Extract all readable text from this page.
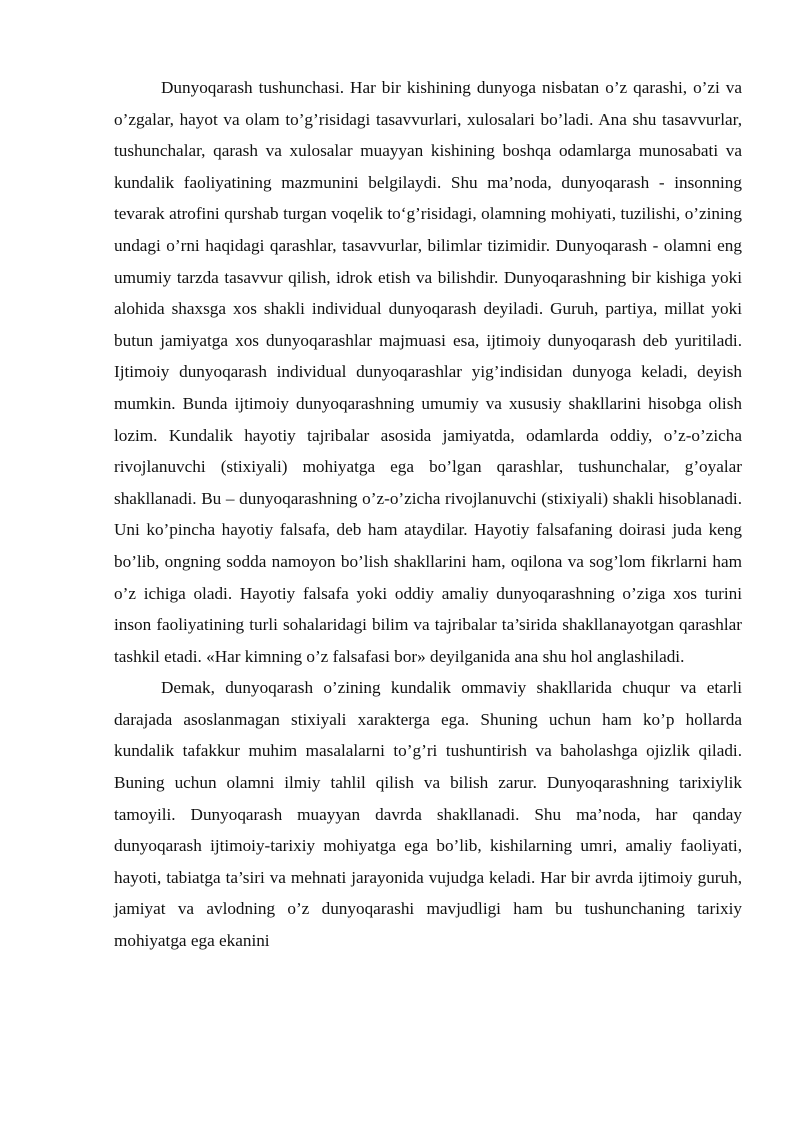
Dunyoqarash tushunchasi. Har bir kishining dunyoga nisbatan o’z qarashi, o’zi va o’zgalar, hayot va olam to’g’risidagi tasavvurlari, xulosalari bo’ladi. Ana shu tasavvurlar, tushunchalar, qarash va xulosalar muayyan kishining boshqa odamlarga munosabati va kundalik faoliyatining mazmunini belgilaydi. Shu ma’noda, dunyoqarash - insonning tevarak atrofini qurshab turgan voqelik to‘g’risidagi, olamning mohiyati, tuzilishi, o’zining undagi o’rni haqidagi qarashlar, tasavvurlar, bilimlar tizimidir. Dunyoqarash - olamni eng umumiy tarzda tasavvur qilish, idrok etish va bilishdir. Dunyoqarashning bir kishiga yoki alohida shaxsga xos shakli individual dunyoqarash deyiladi. Guruh, partiya, millat yoki butun jamiyatga xos dunyoqarashlar majmuasi esa, ijtimoiy dunyoqarash deb yuritiladi. Ijtimoiy dunyoqarash individual dunyoqarashlar yig’indisidan dunyoga keladi, deyish mumkin. Bunda ijtimoiy dunyoqarashning umumiy va xususiy shakllarini hisobga olish lozim. Kundalik hayotiy tajribalar asosida jamiyatda, odamlarda oddiy, o’z-o’zicha rivojlanuvchi (stixiyali) mohiyatga ega bo’lgan qarashlar, tushunchalar, g’oyalar shakllanadi. Bu – dunyoqarashning o’z-o’zicha rivojlanuvchi (stixiyali) shakli hisoblanadi. Uni ko’pincha hayotiy falsafa, deb ham ataydilar. Hayotiy falsafaning doirasi juda keng bo’lib, ongning sodda namoyon bo’lish shakllarini ham, oqilona va sog’lom fikrlarni ham o’z ichiga oladi. Hayotiy falsafa yoki oddiy amaliy dunyoqarashning o’ziga xos turini inson faoliyatining turli sohalaridagi bilim va tajribalar ta’sirida shakllanayotgan qarashlar tashkil etadi. «Har kimning o’z falsafasi bor» deyilganida ana shu hol anglashiladi.

Demak, dunyoqarash o’zining kundalik ommaviy shakllarida chuqur va etarli darajada asoslanmagan stixiyali xarakterga ega. Shuning uchun ham ko’p hollarda kundalik tafakkur muhim masalalarni to’g’ri tushuntirish va baholashga ojizlik qiladi. Buning uchun olamni ilmiy tahlil qilish va bilish zarur. Dunyoqarashning tarixiylik tamoyili. Dunyoqarash muayyan davrda shakllanadi. Shu ma’noda, har qanday dunyoqarash ijtimoiy-tarixiy mohiyatga ega bo’lib, kishilarning umri, amaliy faoliyati, hayoti, tabiatga ta’siri va mehnati jarayonida vujudga keladi. Har bir avrda ijtimoiy guruh, jamiyat va avlodning o’z dunyoqarashi mavjudligi ham bu tushunchaning tarixiy mohiyatga ega ekanini
